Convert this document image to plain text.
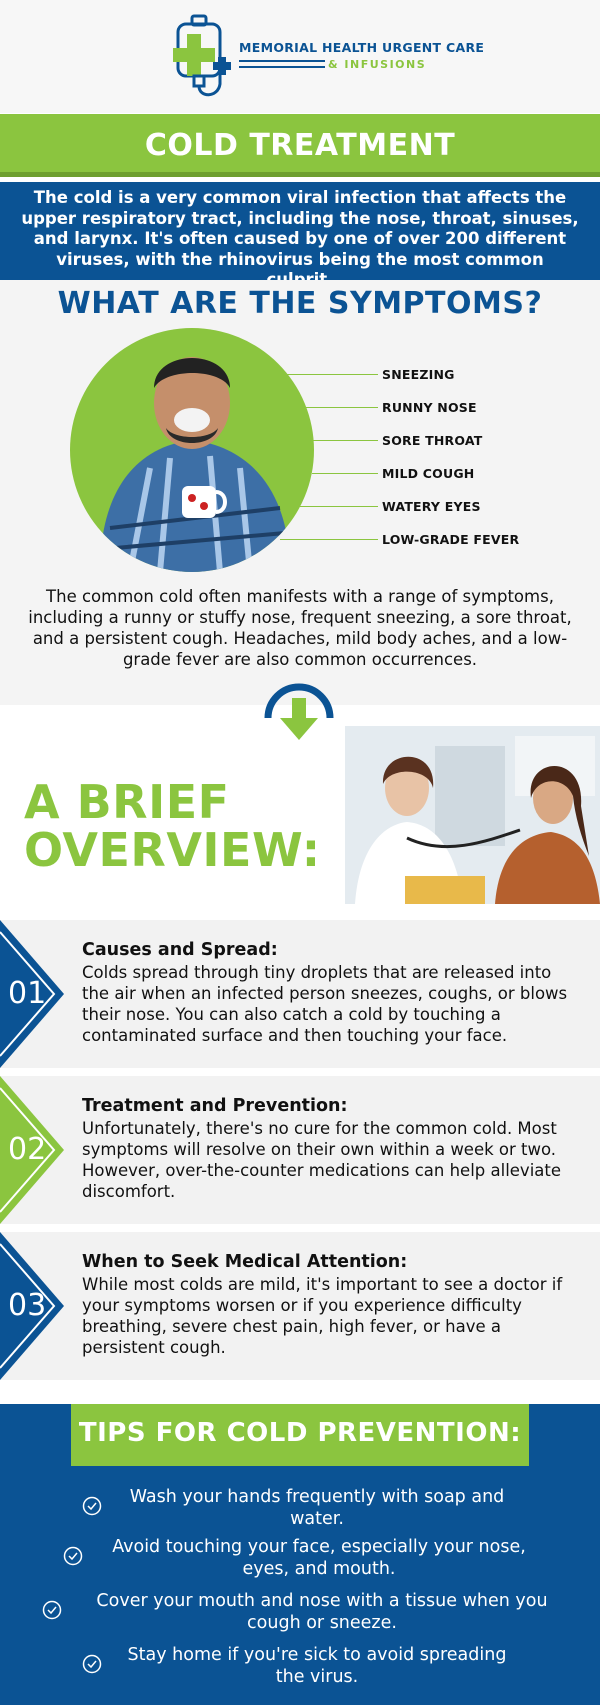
MEMORIAL HEALTH URGENT CARE
& INFUSIONS
COLD TREATMENT

The cold is a very common viral infection that affects the upper respiratory tract, including the nose, throat, sinuses, and larynx. It's often caused by one of over 200 different viruses, with the rhinovirus being the most common

WHAT ARE THE SYMPTOMS?
SNEEZING
RUNNY NOSE
SORE THROAT
MILD COUGH
WATERY EYES
LOW-GRADE FEVER

The common cold often manifests with a range of symptoms, including a runny or stuffy nose, frequent sneezing, a sore throat, and a persistent cough. Headaches, mild body aches, and a low-grade fever are also common occurrences.

A BRIEF
OVERVIEW:
01
Causes and Spread:

Colds spread through tiny droplets that are released into the air when an infected person sneezes, coughs, or blows their nose. You can also catch a cold by touching a contaminated surface and then touching your face.

02
Treatment and Prevention:

Unfortunately, there's no cure for the common cold. Most symptoms will resolve on their own within a week or two. However, over-the-counter medications can help alleviate discomfort.

03
When to Seek Medical Attention:

While most colds are mild, it's important to see a doctor if your symptoms worsen or if you experience difficulty breathing, severe chest pain, high fever, or have a persistent cough.

TIPS FOR COLD PREVENTION:
Wash your hands frequently with soap and water.
Avoid touching your face, especially your nose, eyes, and mouth.
Cover your mouth and nose with a tissue when you cough or sneeze.
Stay home if you're sick to avoid spreading the virus.
